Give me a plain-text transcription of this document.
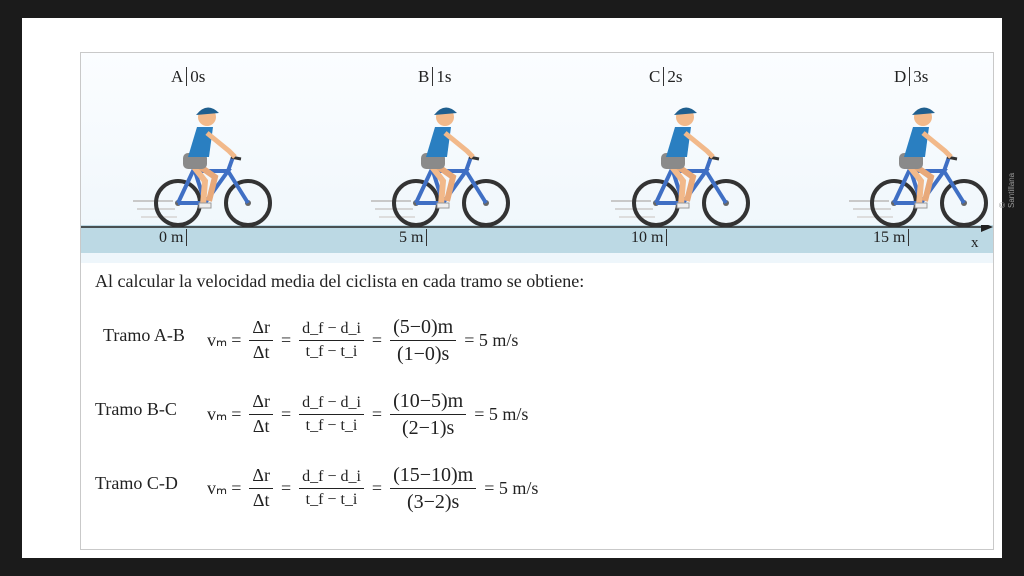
A 0s	B 1s	C 2s	D 3s
0 m	5 m	10 m	15 m	x
Al calcular la velocidad media del ciclista en cada tramo se obtiene:
Tramo A-B $v_m = \frac{\Delta r}{\Delta t} = \frac{d\_f - d\_i}{t\_f - t\_i} = \frac{(5-0)m}{(1-0)s} = 5$ m/s
Tramo B-C $v_m = \frac{\Delta r}{\Delta t} = \frac{d\_f - d\_i}{t\_f - t\_i} = \frac{(10-5)m}{(2-1)s} = 5$ m/s
Tramo C-D $v_m = \frac{\Delta r}{\Delta t} = \frac{d\_f - d\_i}{t\_f - t\_i} = \frac{(15-10)m}{(3-2)s} = 5$ m/s
© Santillana
